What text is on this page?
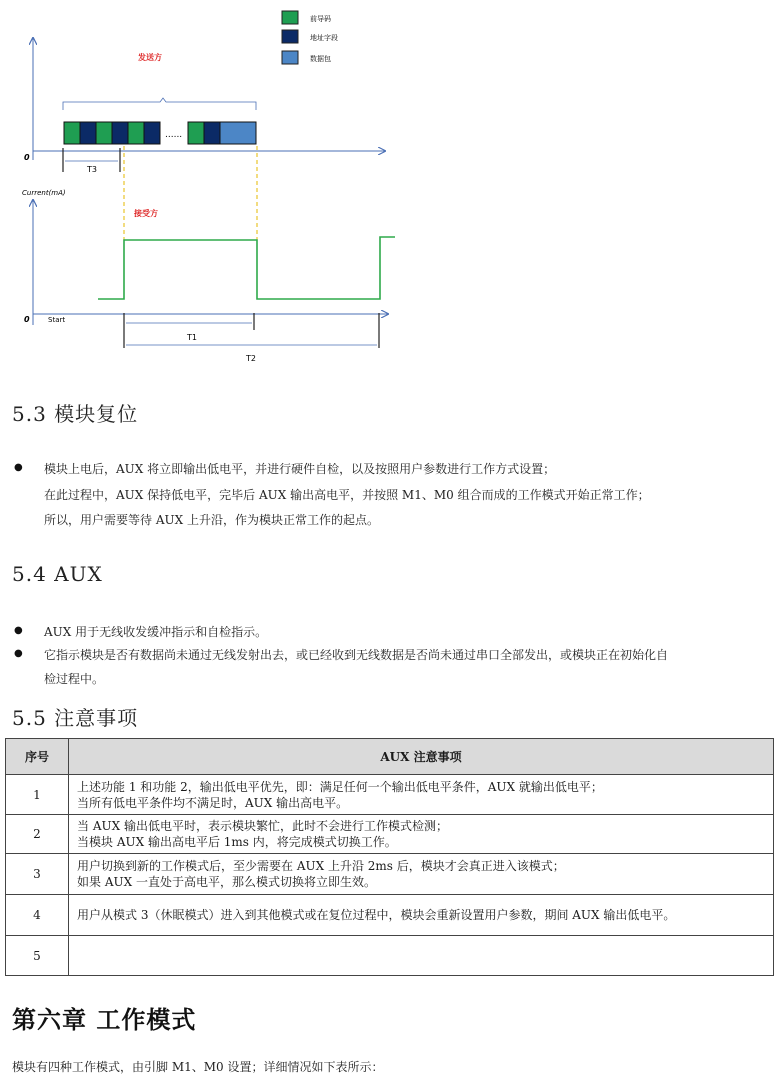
前导码
地址字段
数据包
发送方
0
......
T3
Current(mA)
0	Start
接受方
T1
T2
5.3 模块复位
● 模块上电后，AUX 将立即输出低电平，并进行硬件自检，以及按照用户参数进行工作方式设置；
在此过程中，AUX 保持低电平，完毕后 AUX 输出高电平，并按照 M1、M0 组合而成的工作模式开始正常工作；
所以，用户需要等待 AUX 上升沿，作为模块正常工作的起点。
5.4 AUX
● AUX 用于无线收发缓冲指示和自检指示。
● 它指示模块是否有数据尚未通过无线发射出去，或已经收到无线数据是否尚未通过串口全部发出，或模块正在初始化自
检过程中。
5.5 注意事项
序号	AUX 注意事项
1	上述功能 1 和功能 2，输出低电平优先，即：满足任何一个输出低电平条件，AUX 就输出低电平；
当所有低电平条件均不满足时，AUX 输出高电平。

2	当 AUX 输出低电平时，表示模块繁忙，此时不会进行工作模式检测；
当模块 AUX 输出高电平后 1ms 内，将完成模式切换工作。

3	用户切换到新的工作模式后，至少需要在 AUX 上升沿 2ms 后，模块才会真正进入该模式；
如果 AUX 一直处于高电平，那么模式切换将立即生效。

4	用户从模式 3（休眠模式）进入到其他模式或在复位过程中，模块会重新设置用户参数，期间 AUX 输出低电平。

5	
第六章 工作模式
模块有四种工作模式，由引脚 M1、M0 设置；详细情况如下表所示：
